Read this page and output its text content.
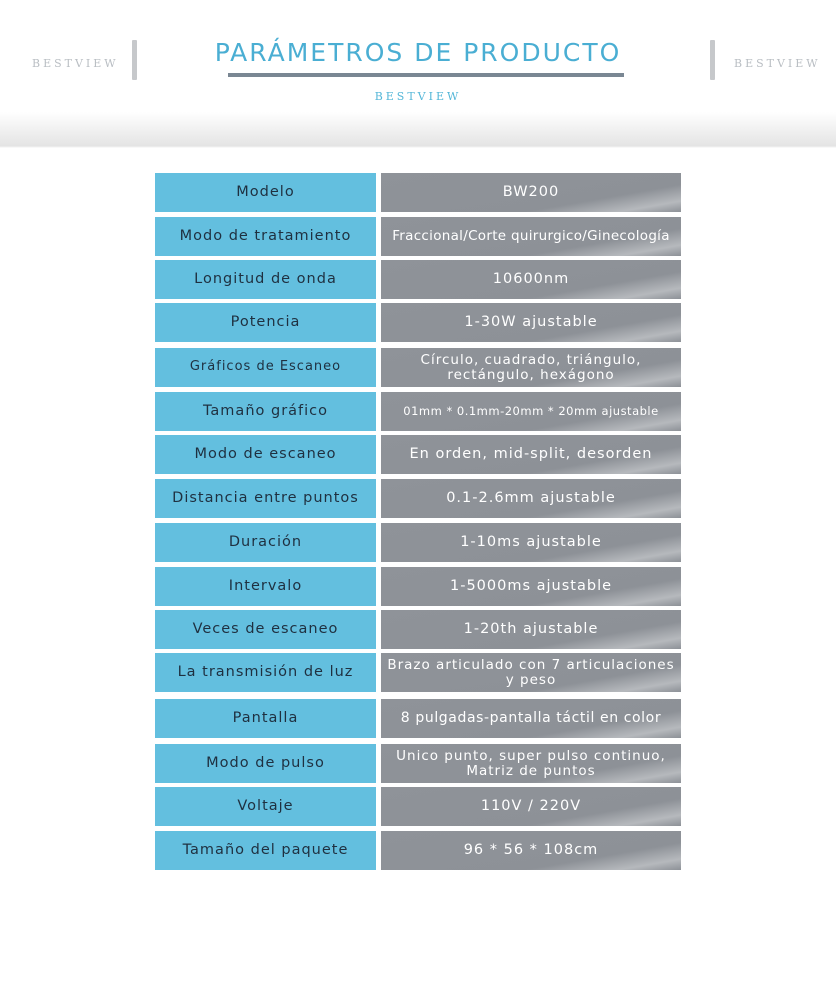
BESTVIEW	PARÁMETROS DE PRODUCTO
BESTVIEW
BESTVIEW
Modelo	BW200
Modo de tratamiento	Fraccional/Corte quirurgico/Ginecología
Longitud de onda	10600nm
Potencia	1-30W ajustable
Gráficos de Escaneo	Círculo, cuadrado, triángulo, rectángulo, hexágono
Tamaño gráfico	01mm * 0.1mm-20mm * 20mm ajustable
Modo de escaneo	En orden, mid-split, desorden
Distancia entre puntos	0.1-2.6mm ajustable
Duración	1-10ms ajustable
Intervalo	1-5000ms ajustable
Veces de escaneo	1-20th ajustable
La transmisión de luz	Brazo articulado con 7 articulaciones y peso
Pantalla	8 pulgadas-pantalla táctil en color
Modo de pulso	Unico punto, super pulso continuo, Matriz de puntos
Voltaje	110V / 220V
Tamaño del paquete	96 * 56 * 108cm
